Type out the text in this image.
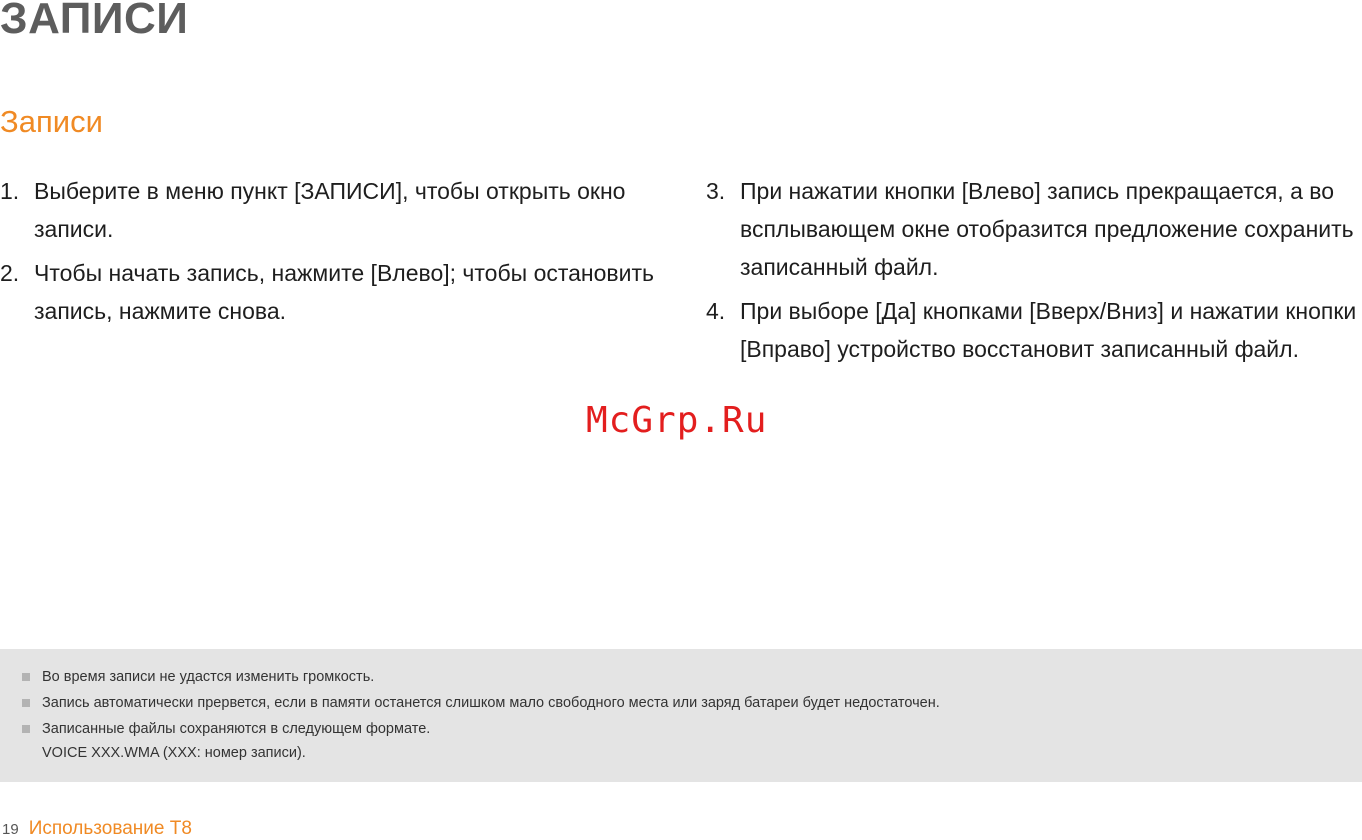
ЗАПИСИ
Записи
1. Выберите в меню пункт [ЗАПИСИ], чтобы открыть окно записи.
2. Чтобы начать запись, нажмите [Влево]; чтобы остановить запись, нажмите снова.
3. При нажатии кнопки [Влево] запись прекращается, а во всплывающем окне отобразится предложение сохранить записанный файл.
4. При выборе [Да] кнопками [Вверх/Вниз] и нажатии кнопки [Вправо] устройство восстановит записанный файл.
McGrp.Ru
Во время записи не удастся изменить громкость.
Запись автоматически прервется, если в памяти останется слишком мало свободного места или заряд батареи будет недостаточен.
Записанные файлы сохраняются в следующем формате.
VOICE XXX.WMA (XXX: номер записи).
19 Использование T8
